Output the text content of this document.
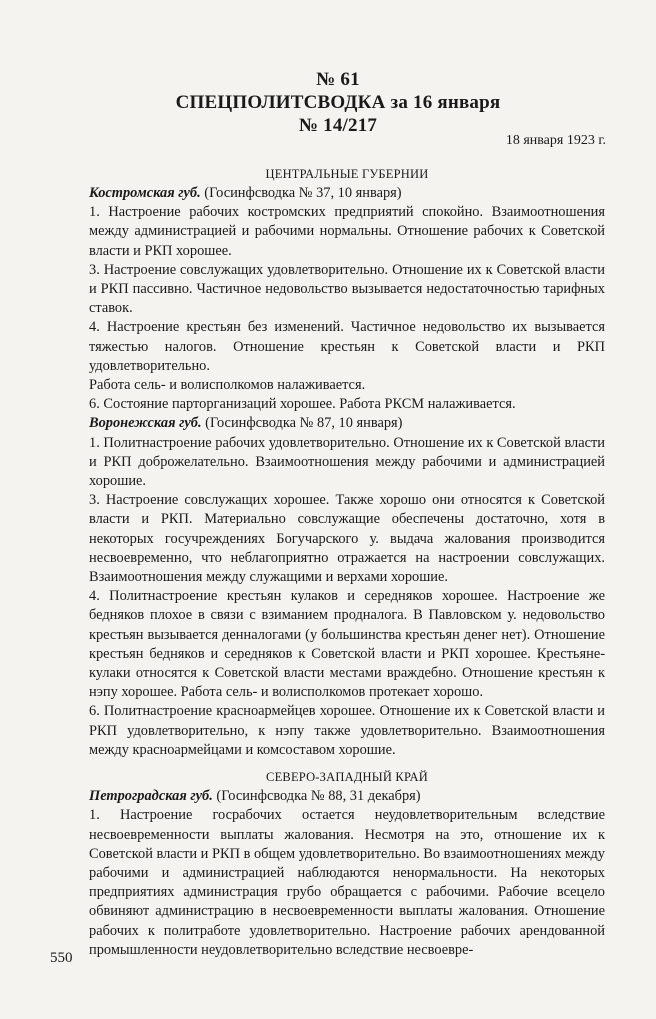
№ 61
СПЕЦПОЛИТСВОДКА за 16 января
№ 14/217
18 января 1923 г.
ЦЕНТРАЛЬНЫЕ ГУБЕРНИИ

Костромская губ. (Госинфсводка № 37, 10 января)

1. Настроение рабочих костромских предприятий спокойно. Взаимоотношения между администрацией и рабочими нормальны. Отношение рабочих к Советской власти и РКП хорошее.

3. Настроение совслужащих удовлетворительно. Отношение их к Советской власти и РКП пассивно. Частичное недовольство вызывается недостаточностью тарифных ставок.

4. Настроение крестьян без изменений. Частичное недовольство их вызывается тяжестью налогов. Отношение крестьян к Советской власти и РКП удовлетворительно.

Работа сель- и волисполкомов налаживается.

6. Состояние парторганизаций хорошее. Работа РКСМ налаживается.

Воронежская губ. (Госинфсводка № 87, 10 января)

1. Политнастроение рабочих удовлетворительно. Отношение их к Советской власти и РКП доброжелательно. Взаимоотношения между рабочими и администрацией хорошие.

3. Настроение совслужащих хорошее. Также хорошо они относятся к Советской власти и РКП. Материально совслужащие обеспечены достаточно, хотя в некоторых госучреждениях Богучарского у. выдача жалования производится несвоевременно, что неблагоприятно отражается на настроении совслужащих. Взаимоотношения между служащими и верхами хорошие.

4. Политнастроение крестьян кулаков и середняков хорошее. Настроение же бедняков плохое в связи с взиманием продналога. В Павловском у. недовольство крестьян вызывается денналогами (у большинства крестьян денег нет). Отношение крестьян бедняков и середняков к Советской власти и РКП хорошее. Крестьяне-кулаки относятся к Советской власти местами враждебно. Отношение крестьян к нэпу хорошее. Работа сель- и волисполкомов протекает хорошо.

6. Политнастроение красноармейцев хорошее. Отношение их к Советской власти и РКП удовлетворительно, к нэпу также удовлетворительно. Взаимоотношения между красноармейцами и комсоставом хорошие.

СЕВЕРО-ЗАПАДНЫЙ КРАЙ

Петроградская губ. (Госинфсводка № 88, 31 декабря)

1. Настроение госрабочих остается неудовлетворительным вследствие несвоевременности выплаты жалования. Несмотря на это, отношение их к Советской власти и РКП в общем удовлетворительно. Во взаимоотношениях между рабочими и администрацией наблюдаются ненормальности. На некоторых предприятиях администрация грубо обращается с рабочими. Рабочие всецело обвиняют администрацию в несвоевременности выплаты жалования. Отношение рабочих к политработе удовлетворительно. Настроение рабочих арендованной промышленности неудовлетворительно вследствие несвоевре-

550
